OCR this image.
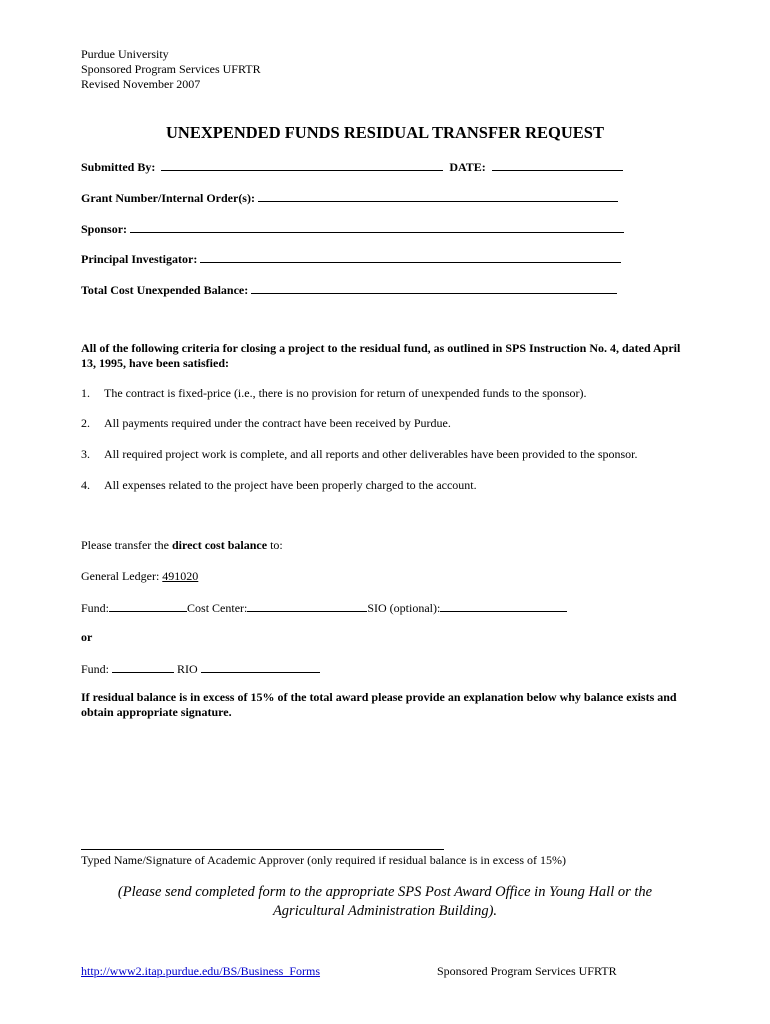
Purdue University
Sponsored Program Services UFRTR
Revised November 2007
UNEXPENDED FUNDS RESIDUAL TRANSFER REQUEST
Submitted By:	DATE:
Grant Number/Internal Order(s):
Sponsor:
Principal Investigator:
Total Cost Unexpended Balance:
All of the following criteria for closing a project to the residual fund, as outlined in SPS Instruction No. 4, dated April 13, 1995, have been satisfied:
1. The contract is fixed-price (i.e., there is no provision for return of unexpended funds to the sponsor).
2. All payments required under the contract have been received by Purdue.
3. All required project work is complete, and all reports and other deliverables have been provided to the sponsor.
4. All expenses related to the project have been properly charged to the account.
Please transfer the direct cost balance to:
General Ledger: 491020
Fund:	Cost Center:	SIO (optional):
or
Fund:	RIO
If residual balance is in excess of 15% of the total award please provide an explanation below why balance exists and obtain appropriate signature.
Typed Name/Signature of Academic Approver (only required if residual balance is in excess of 15%)
(Please send completed form to the appropriate SPS Post Award Office in Young Hall or the Agricultural Administration Building).
http://www2.itap.purdue.edu/BS/Business_Forms	Sponsored Program Services UFRTR
